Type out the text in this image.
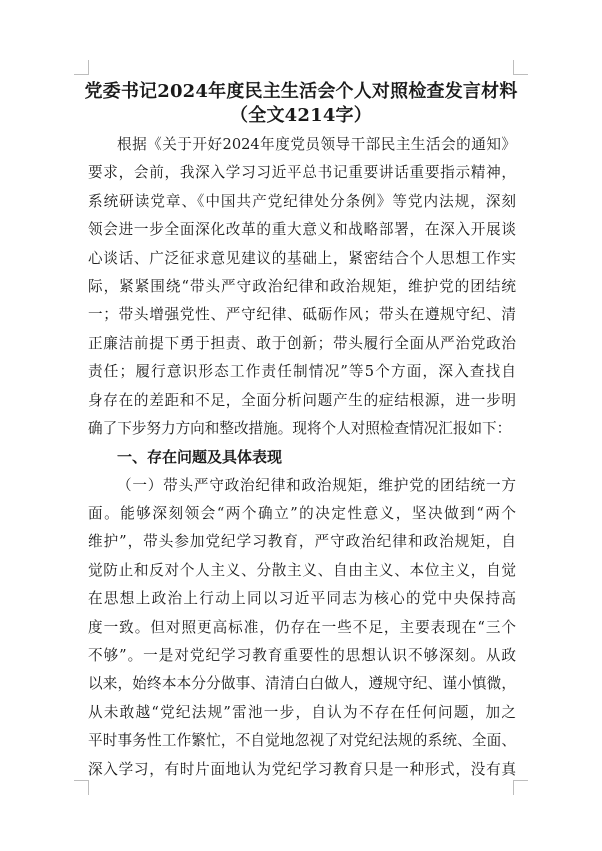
党委书记2024年度民主生活会个人对照检查发言材料
（全文4214字）
根据《关于开好2024年度党员领导干部民主生活会的通知》
要求，会前，我深入学习习近平总书记重要讲话重要指示精神，
系统研读党章、《中国共产党纪律处分条例》等党内法规，深刻
领会进一步全面深化改革的重大意义和战略部署，在深入开展谈
心谈话、广泛征求意见建议的基础上，紧密结合个人思想工作实
际，紧紧围绕“带头严守政治纪律和政治规矩，维护党的团结统
一；带头增强党性、严守纪律、砥砺作风；带头在遵规守纪、清
正廉洁前提下勇于担责、敢于创新；带头履行全面从严治党政治
责任；履行意识形态工作责任制情况”等5个方面，深入查找自
身存在的差距和不足，全面分析问题产生的症结根源，进一步明
确了下步努力方向和整改措施。现将个人对照检查情况汇报如下：
一、存在问题及具体表现
（一）带头严守政治纪律和政治规矩，维护党的团结统一方
面。能够深刻领会“两个确立”的决定性意义，坚决做到“两个
维护”，带头参加党纪学习教育，严守政治纪律和政治规矩，自
觉防止和反对个人主义、分散主义、自由主义、本位主义，自觉
在思想上政治上行动上同以习近平同志为核心的党中央保持高
度一致。但对照更高标准，仍存在一些不足，主要表现在“三个
不够”。一是对党纪学习教育重要性的思想认识不够深刻。从政
以来，始终本本分分做事、清清白白做人，遵规守纪、谨小慎微，
从未敢越“党纪法规”雷池一步，自认为不存在任何问题，加之
平时事务性工作繁忙，不自觉地忽视了对党纪法规的系统、全面、
深入学习，有时片面地认为党纪学习教育只是一种形式，没有真
